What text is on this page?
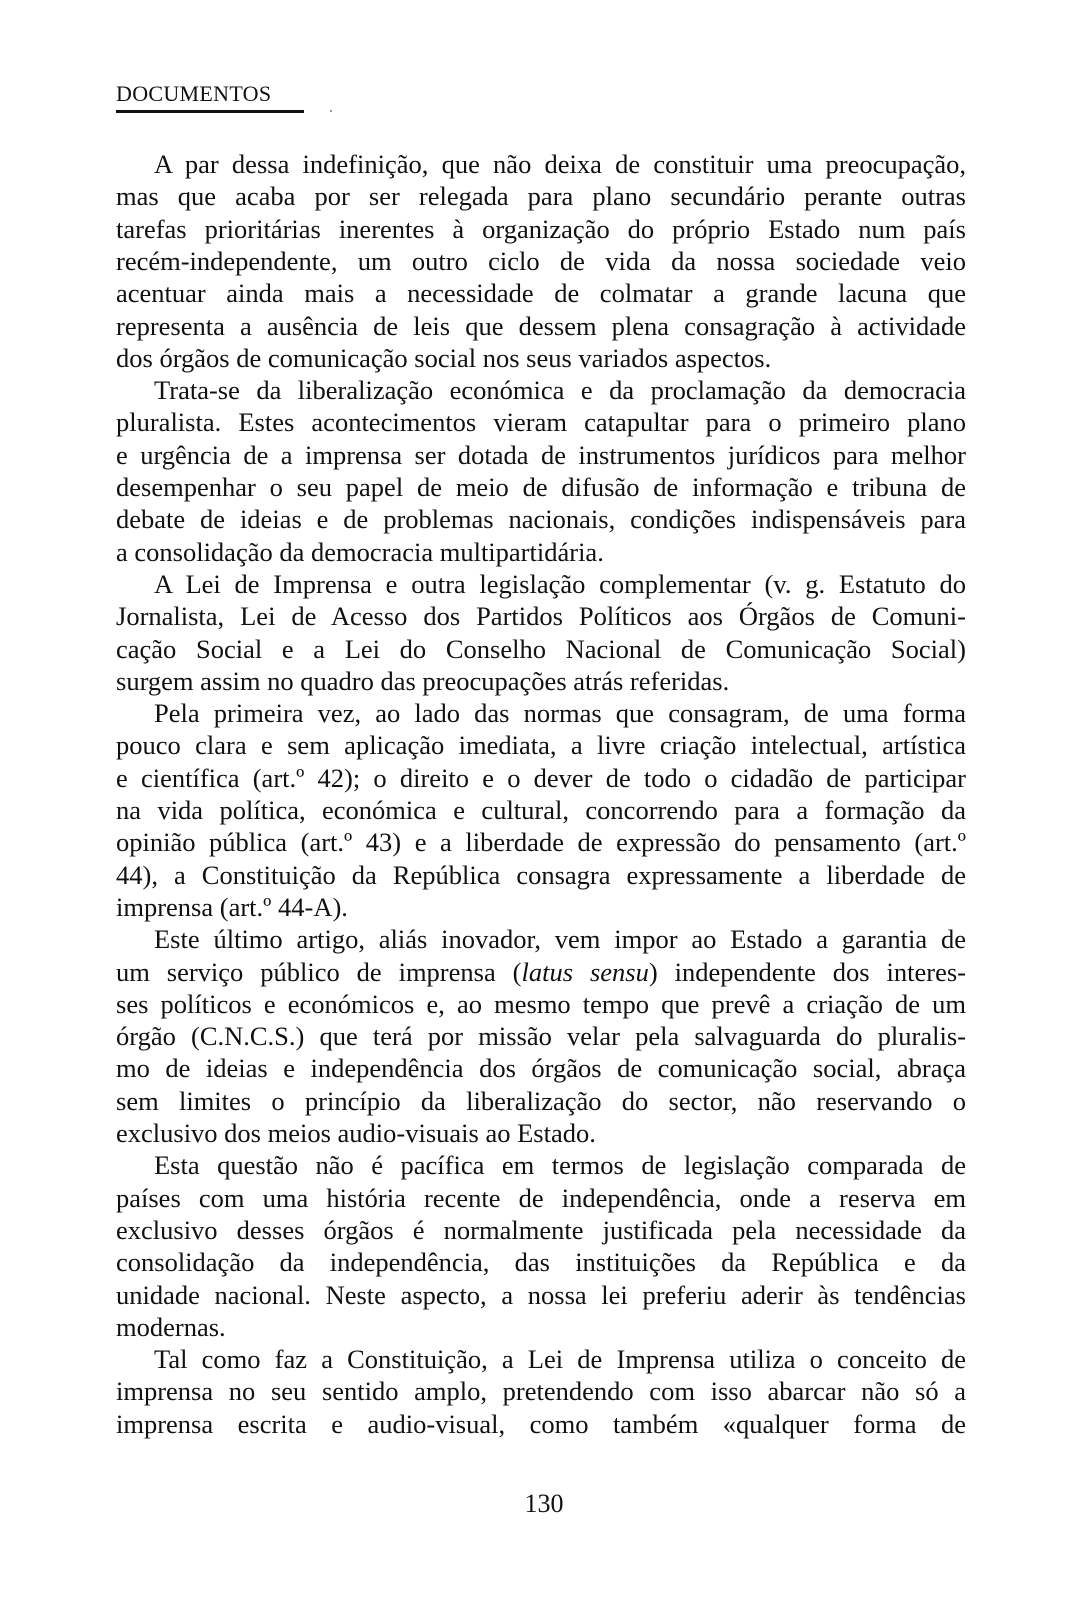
DOCUMENTOS
A par dessa indefinição, que não deixa de constituir uma preocupação,
mas que acaba por ser relegada para plano secundário perante outras
tarefas prioritárias inerentes à organização do próprio Estado num país
recém-independente, um outro ciclo de vida da nossa sociedade veio
acentuar ainda mais a necessidade de colmatar a grande lacuna que
representa a ausência de leis que dessem plena consagração à actividade
dos órgãos de comunicação social nos seus variados aspectos.
Trata-se da liberalização económica e da proclamação da democracia
pluralista. Estes acontecimentos vieram catapultar para o primeiro plano
e urgência de a imprensa ser dotada de instrumentos jurídicos para melhor
desempenhar o seu papel de meio de difusão de informação e tribuna de
debate de ideias e de problemas nacionais, condições indispensáveis para
a consolidação da democracia multipartidária.
A Lei de Imprensa e outra legislação complementar (v. g. Estatuto do
Jornalista, Lei de Acesso dos Partidos Políticos aos Órgãos de Comuni-
cação Social e a Lei do Conselho Nacional de Comunicação Social)
surgem assim no quadro das preocupações atrás referidas.
Pela primeira vez, ao lado das normas que consagram, de uma forma
pouco clara e sem aplicação imediata, a livre criação intelectual, artística
e científica (art.º 42); o direito e o dever de todo o cidadão de participar
na vida política, económica e cultural, concorrendo para a formação da
opinião pública (art.º 43) e a liberdade de expressão do pensamento (art.º
44), a Constituição da República consagra expressamente a liberdade de
imprensa (art.º 44-A).
Este último artigo, aliás inovador, vem impor ao Estado a garantia de
um serviço público de imprensa (latus sensu) independente dos interes-
ses políticos e económicos e, ao mesmo tempo que prevê a criação de um
órgão (C.N.C.S.) que terá por missão velar pela salvaguarda do pluralis-
mo de ideias e independência dos órgãos de comunicação social, abraça
sem limites o princípio da liberalização do sector, não reservando o
exclusivo dos meios audio-visuais ao Estado.
Esta questão não é pacífica em termos de legislação comparada de
países com uma história recente de independência, onde a reserva em
exclusivo desses órgãos é normalmente justificada pela necessidade da
consolidação da independência, das instituições da República e da
unidade nacional. Neste aspecto, a nossa lei preferiu aderir às tendências
modernas.
Tal como faz a Constituição, a Lei de Imprensa utiliza o conceito de
imprensa no seu sentido amplo, pretendendo com isso abarcar não só a
imprensa escrita e audio-visual, como também «qualquer forma de
130
